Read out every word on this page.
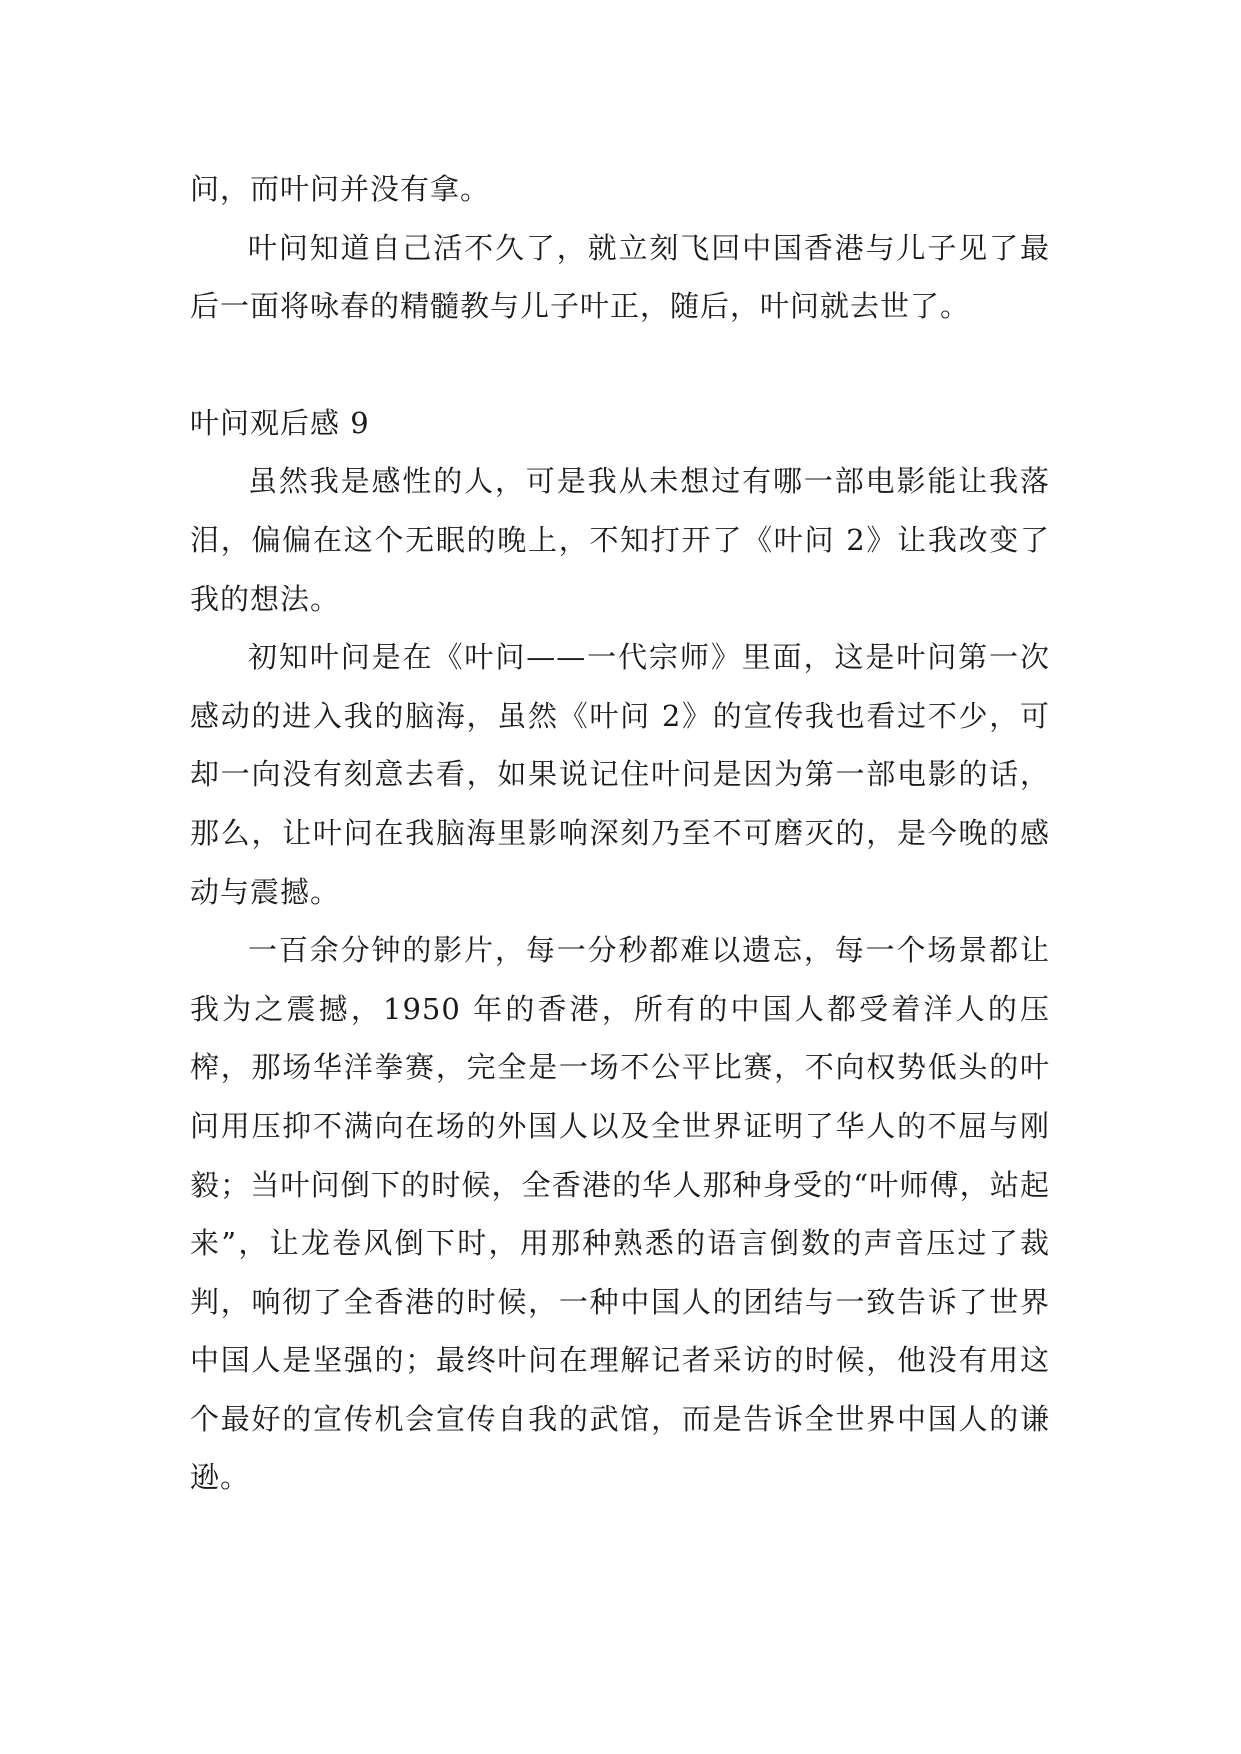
问，而叶问并没有拿。

叶问知道自己活不久了，就立刻飞回中国香港与儿子见了最后一面将咏春的精髓教与儿子叶正，随后，叶问就去世了。

叶问观后感 9

虽然我是感性的人，可是我从未想过有哪一部电影能让我落泪，偏偏在这个无眠的晚上，不知打开了《叶问 2》让我改变了我的想法。

初知叶问是在《叶问——一代宗师》里面，这是叶问第一次感动的进入我的脑海，虽然《叶问 2》的宣传我也看过不少，可却一向没有刻意去看，如果说记住叶问是因为第一部电影的话，那么，让叶问在我脑海里影响深刻乃至不可磨灭的，是今晚的感动与震撼。

一百余分钟的影片，每一分秒都难以遗忘，每一个场景都让我为之震撼，1950 年的香港，所有的中国人都受着洋人的压榨，那场华洋拳赛，完全是一场不公平比赛，不向权势低头的叶问用压抑不满向在场的外国人以及全世界证明了华人的不屈与刚毅；当叶问倒下的时候，全香港的华人那种身受的“叶师傅，站起来”，让龙卷风倒下时，用那种熟悉的语言倒数的声音压过了裁判，响彻了全香港的时候，一种中国人的团结与一致告诉了世界中国人是坚强的；最终叶问在理解记者采访的时候，他没有用这个最好的宣传机会宣传自我的武馆，而是告诉全世界中国人的谦逊。
